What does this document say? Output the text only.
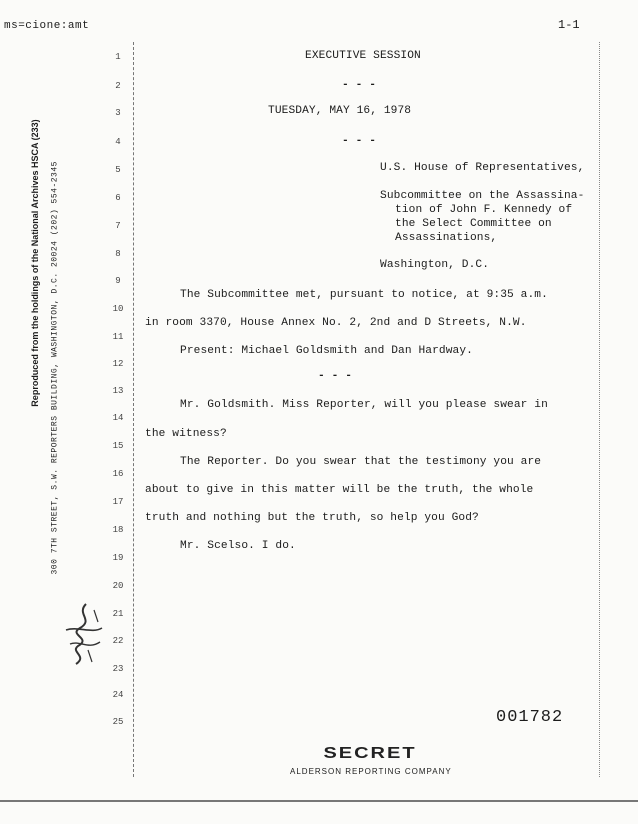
ms=cione:amt	1-1
Reproduced from the holdings of the National Archives HSCA (233) 300 7TH STREET, S.W. REPORTERS BUILDING, WASHINGTON, D.C. 20024 (202) 554-2345
1
2
3
4
5
6
7
8
9
10
11
12
13
14
15
16
17
18
19
20
21
22
23
24
25
EXECUTIVE SESSION
- - -
TUESDAY, MAY 16, 1978
- - -
U.S. House of Representatives,
Subcommittee on the Assassina-
tion of John F. Kennedy of
the Select Committee on
Assassinations,
Washington, D.C.
The Subcommittee met, pursuant to notice, at 9:35 a.m.
in room 3370, House Annex No. 2, 2nd and D Streets, N.W.
Present: Michael Goldsmith and Dan Hardway.
- - -
Mr. Goldsmith. Miss Reporter, will you please swear in
the witness?
The Reporter. Do you swear that the testimony you are
about to give in this matter will be the truth, the whole
truth and nothing but the truth, so help you God?
Mr. Scelso. I do.
001782
SECRET
ALDERSON REPORTING COMPANY
